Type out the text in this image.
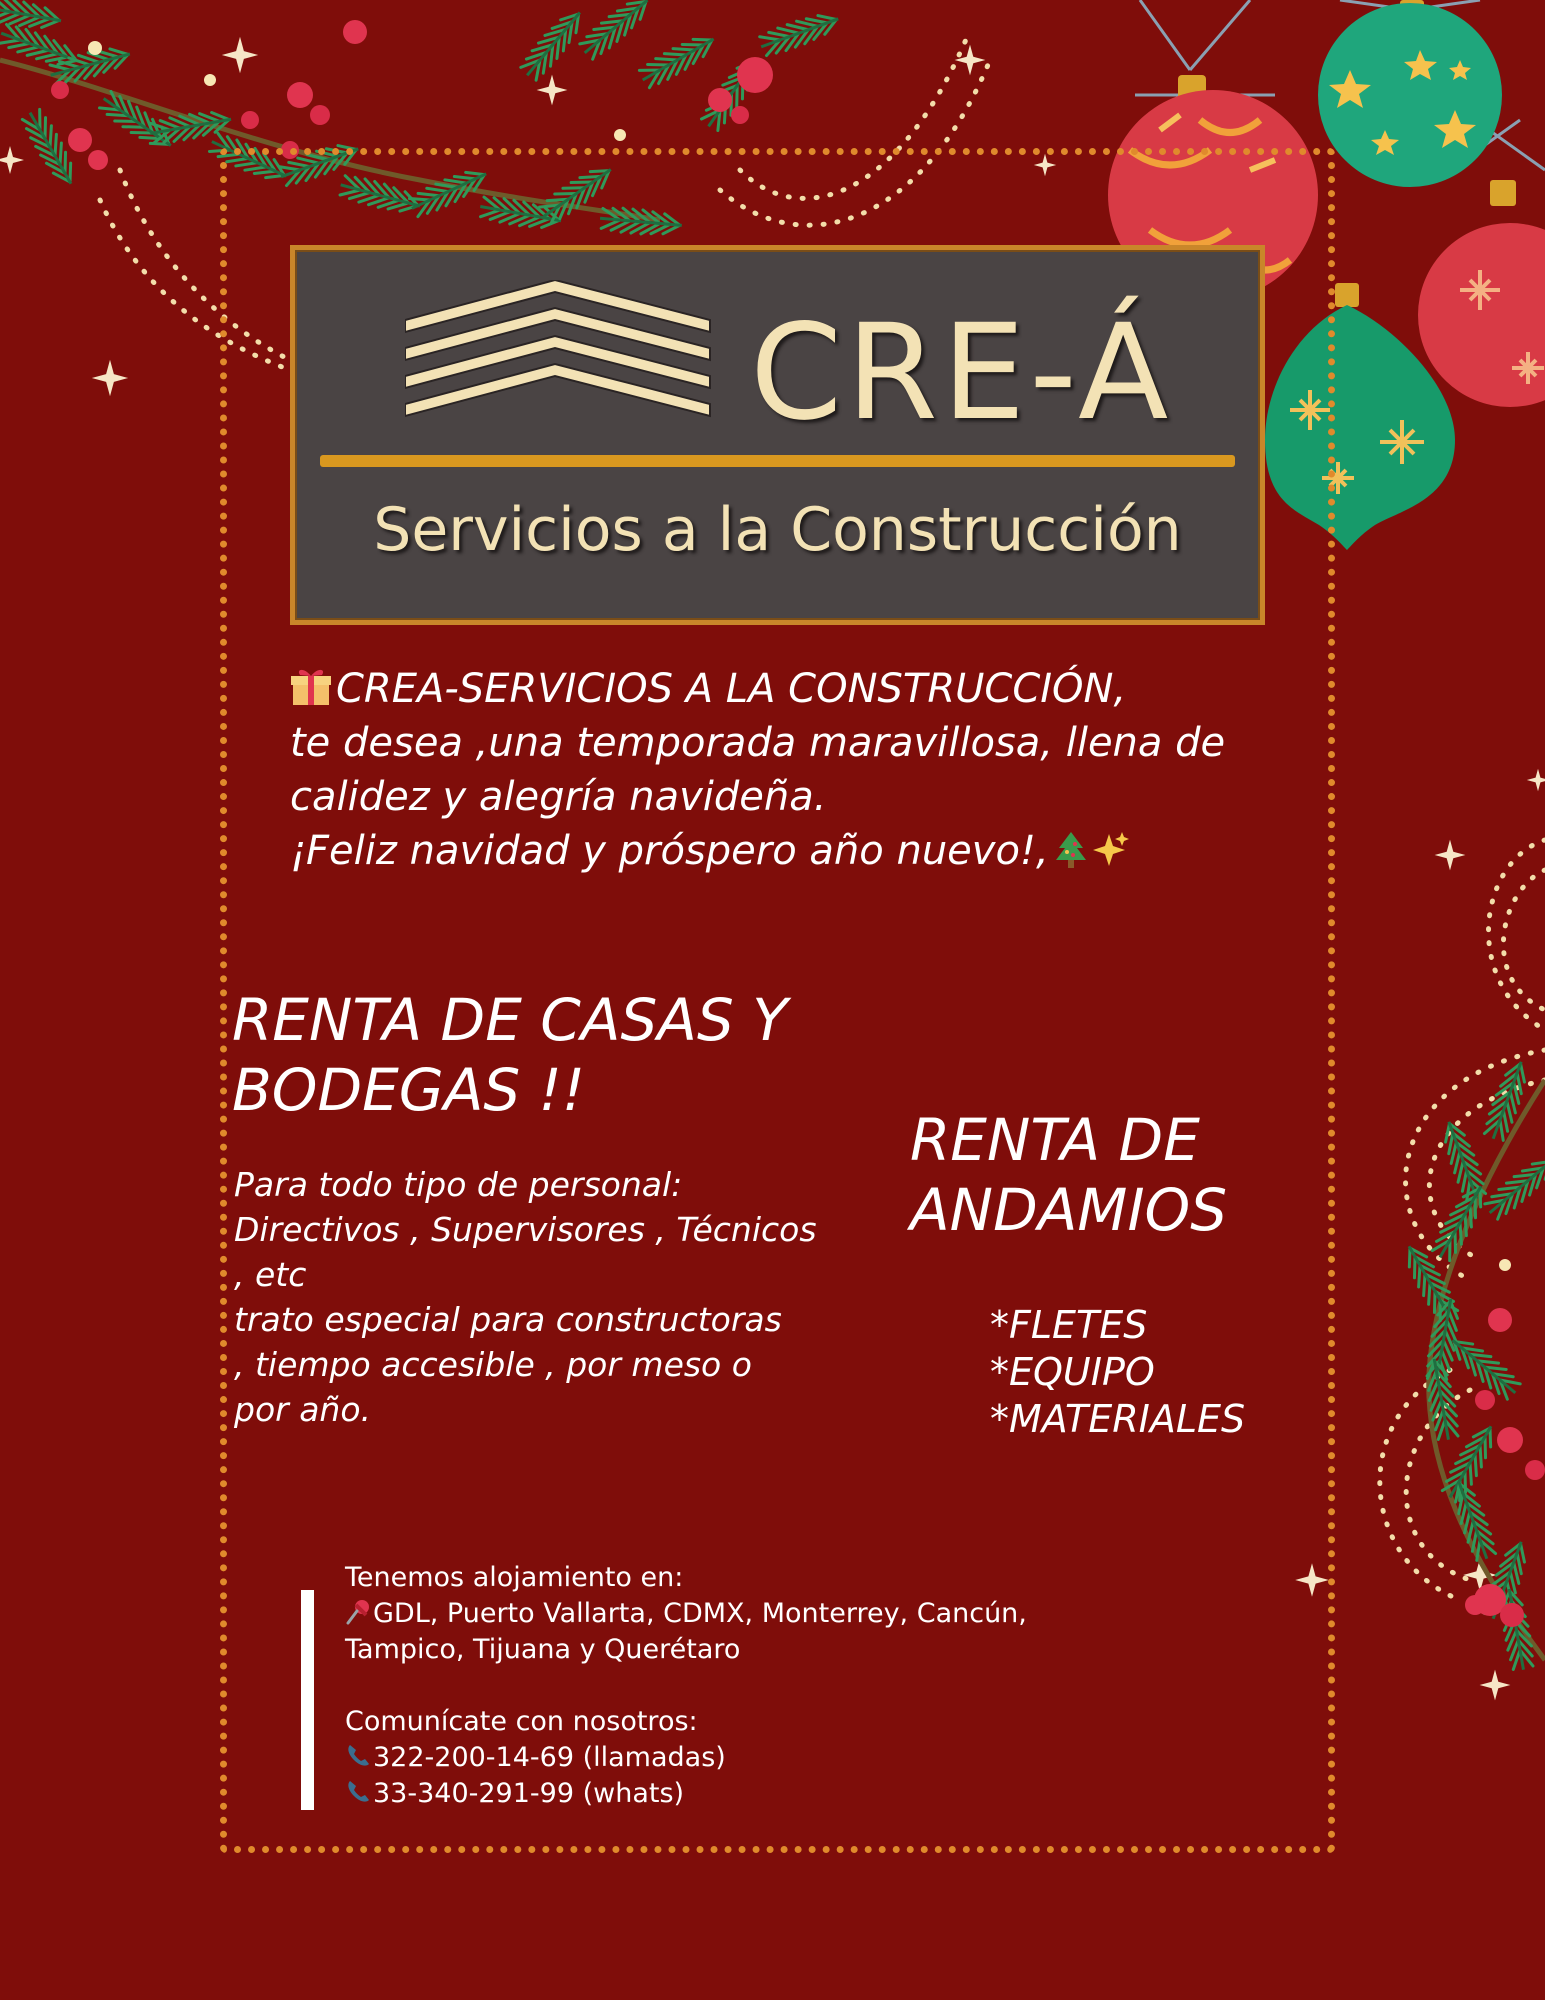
CRE-Á
Servicios a la Construcción
CREA-SERVICIOS A LA CONSTRUCCIÓN,
te desea ,una temporada maravillosa, llena de
calidez y alegría navideña.
¡Feliz navidad y próspero año nuevo!,
RENTA DE CASAS Y
BODEGAS !!
Para todo tipo de personal:
Directivos , Supervisores , Técnicos
, etc
trato especial para constructoras
, tiempo accesible , por meso o
por año.
RENTA DE
ANDAMIOS
*FLETES
*EQUIPO
*MATERIALES
Tenemos alojamiento en:
GDL, Puerto Vallarta, CDMX, Monterrey, Cancún,
Tampico, Tijuana y Querétaro
Comunícate con nosotros:
322-200-14-69 (llamadas)
33-340-291-99 (whats)
